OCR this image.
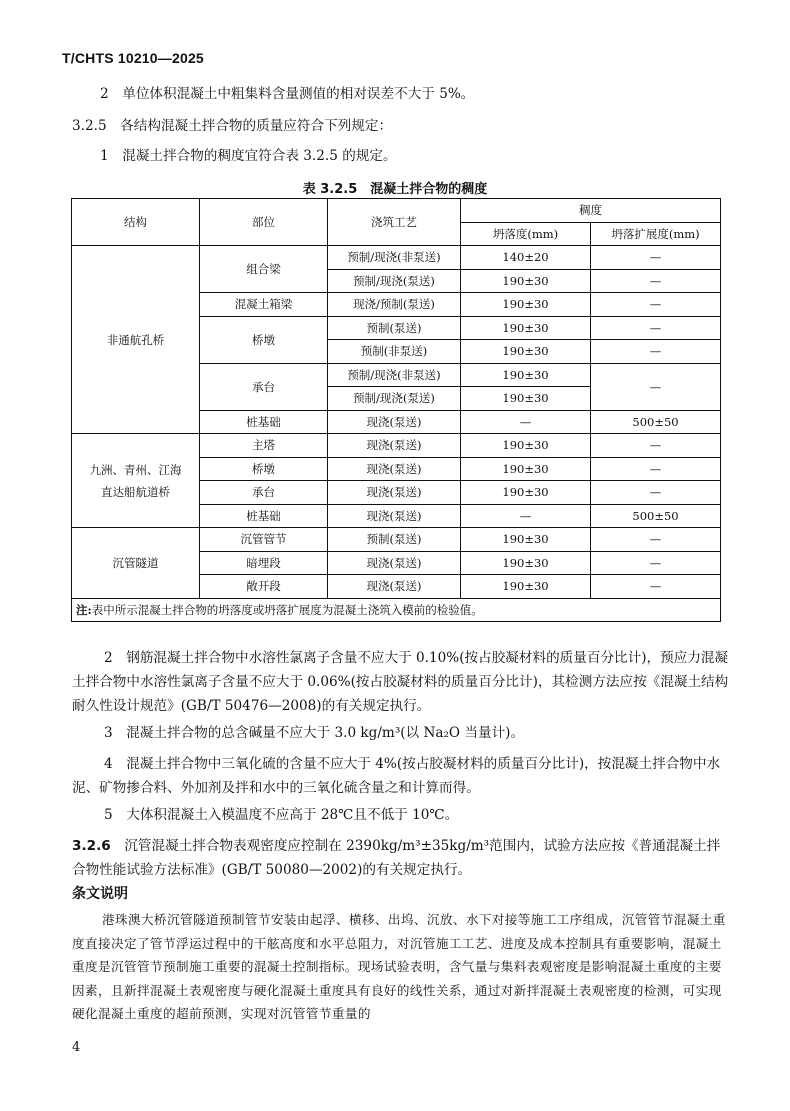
T/CHTS 10210—2025
2　单位体积混凝土中粗集料含量测值的相对误差不大于 5%。
3.2.5　各结构混凝土拌合物的质量应符合下列规定：
1　混凝土拌合物的稠度宜符合表 3.2.5 的规定。
表 3.2.5　混凝土拌合物的稠度
结构	部位	浇筑工艺	稠度	
			坍落度(mm)	坍落扩展度(mm)
非通航孔桥	组合梁	预制/现浇(非泵送)	140±20	—
		预制/现浇(泵送)	190±30	—
	混凝土箱梁	现浇/预制(泵送)	190±30	—
	桥墩	预制(泵送)	190±30	—
		预制(非泵送)	190±30	—
	承台	预制/现浇(非泵送)	190±30	—
		预制/现浇(泵送)	190±30	
	桩基础	现浇(泵送)	—	500±50
九洲、青州、江海直达船航道桥	主塔	现浇(泵送)	190±30	—
	桥墩	现浇(泵送)	190±30	—
	承台	现浇(泵送)	190±30	—
	桩基础	现浇(泵送)	—	500±50
沉管隧道	沉管管节	预制(泵送)	190±30	—
	暗埋段	现浇(泵送)	190±30	—
	敞开段	现浇(泵送)	190±30	—
注:表中所示混凝土拌合物的坍落度或坍落扩展度为混凝土浇筑入模前的检验值。				
2　钢筋混凝土拌合物中水溶性氯离子含量不应大于 0.10%(按占胶凝材料的质量百分比计)，预应力混凝土拌合物中水溶性氯离子含量不应大于 0.06%(按占胶凝材料的质量百分比计)，其检测方法应按《混凝土结构耐久性设计规范》(GB/T 50476—2008)的有关规定执行。
3　混凝土拌合物的总含碱量不应大于 3.0 kg/m³(以 Na₂O 当量计)。
4　混凝土拌合物中三氧化硫的含量不应大于 4%(按占胶凝材料的质量百分比计)，按混凝土拌合物中水泥、矿物掺合料、外加剂及拌和水中的三氧化硫含量之和计算而得。
5　大体积混凝土入模温度不应高于 28℃且不低于 10℃。
3.2.6　沉管混凝土拌合物表观密度应控制在 2390kg/m³±35kg/m³范围内，试验方法应按《普通混凝土拌合物性能试验方法标准》(GB/T 50080—2002)的有关规定执行。
条文说明
港珠澳大桥沉管隧道预制管节安装由起浮、横移、出坞、沉放、水下对接等施工工序组成，沉管管节混凝土重度直接决定了管节浮运过程中的干舷高度和水平总阻力，对沉管施工工艺、进度及成本控制具有重要影响，混凝土重度是沉管管节预制施工重要的混凝土控制指标。现场试验表明，含气量与集料表观密度是影响混凝土重度的主要因素，且新拌混凝土表观密度与硬化混凝土重度具有良好的线性关系，通过对新拌混凝土表观密度的检测，可实现硬化混凝土重度的超前预测，实现对沉管管节重量的
4
